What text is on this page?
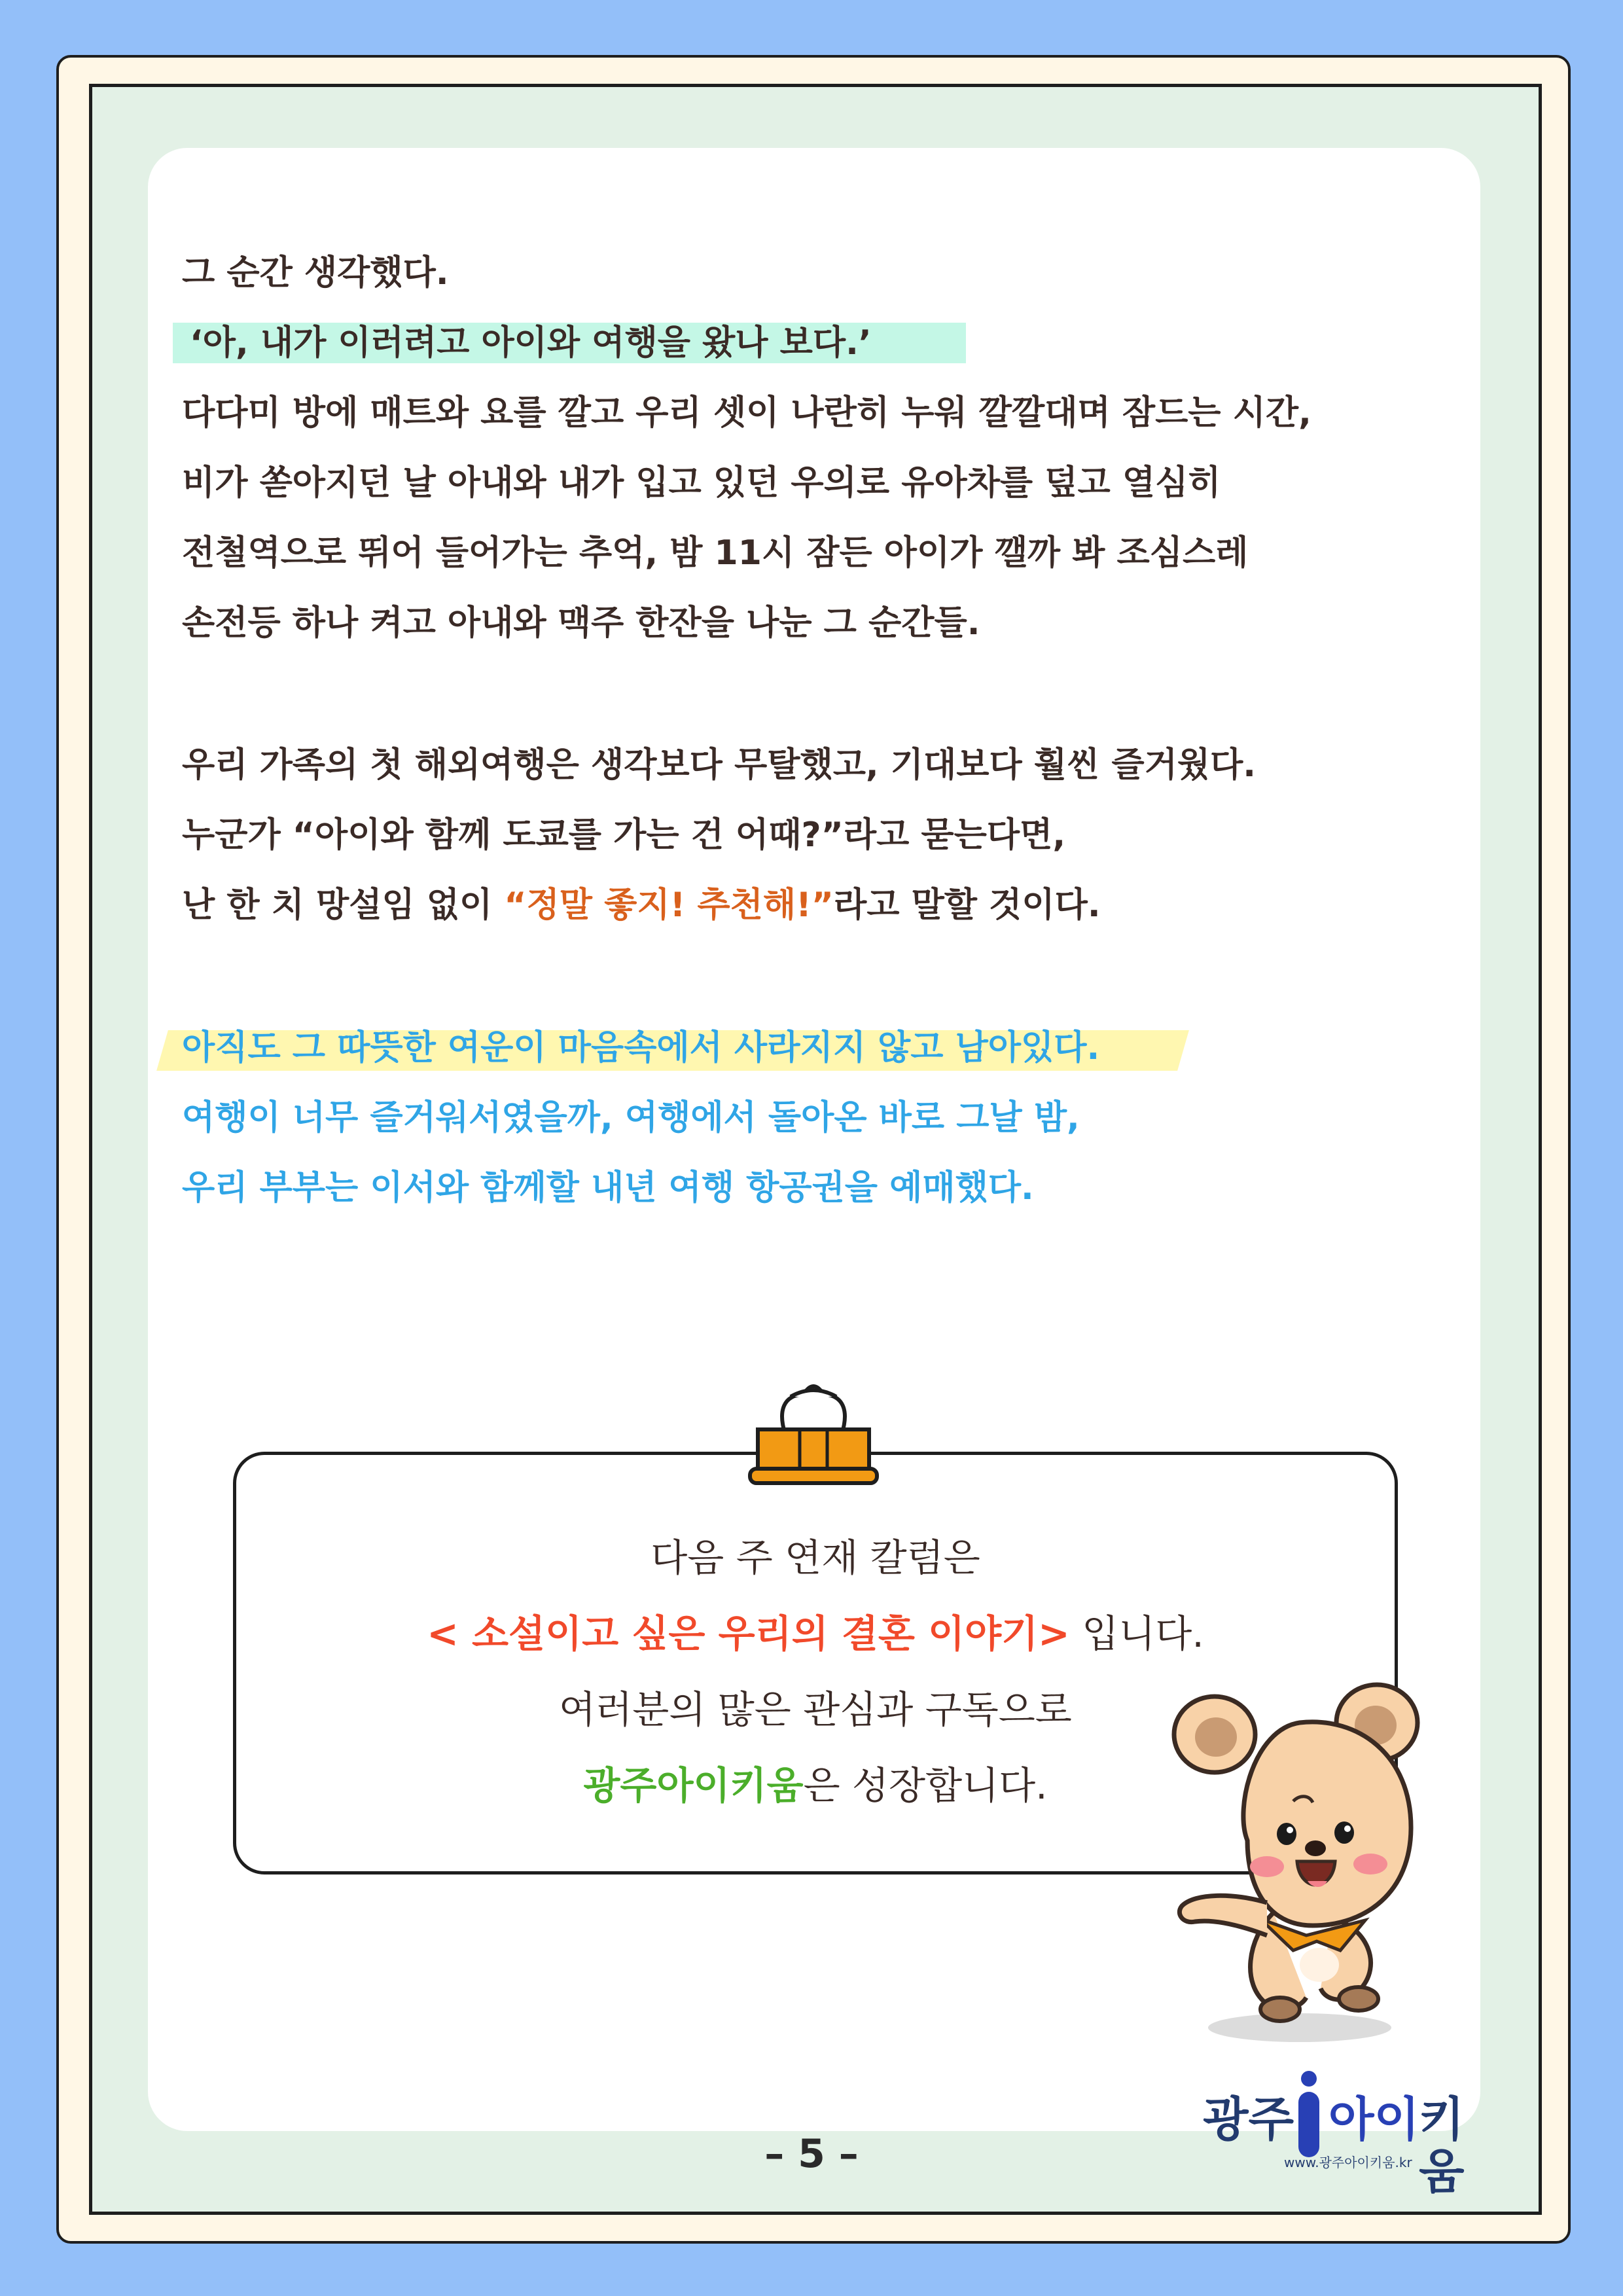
그 순간 생각했다.
‘아, 내가 이러려고 아이와 여행을 왔나 보다.’
다다미 방에 매트와 요를 깔고 우리 셋이 나란히 누워 깔깔대며 잠드는 시간,
비가 쏟아지던 날 아내와 내가 입고 있던 우의로 유아차를 덮고 열심히
전철역으로 뛰어 들어가는 추억, 밤 11시 잠든 아이가 깰까 봐 조심스레
손전등 하나 켜고 아내와 맥주 한잔을 나눈 그 순간들.
우리 가족의 첫 해외여행은 생각보다 무탈했고, 기대보다 훨씬 즐거웠다.
누군가 “아이와 함께 도쿄를 가는 건 어때?”라고 묻는다면,
난 한 치 망설임 없이 “정말 좋지! 추천해!”라고 말할 것이다.
아직도 그 따뜻한 여운이 마음속에서 사라지지 않고 남아있다.
여행이 너무 즐거워서였을까, 여행에서 돌아온 바로 그날 밤,
우리 부부는 이서와 함께할 내년 여행 항공권을 예매했다.
다음 주 연재 칼럼은
< 소설이고 싶은 우리의 결혼 이야기> 입니다.
여러분의 많은 관심과 구독으로
광주아이키움은 성장합니다.
– 5 –
광주 아이
키움
www.광주아이키움.kr
